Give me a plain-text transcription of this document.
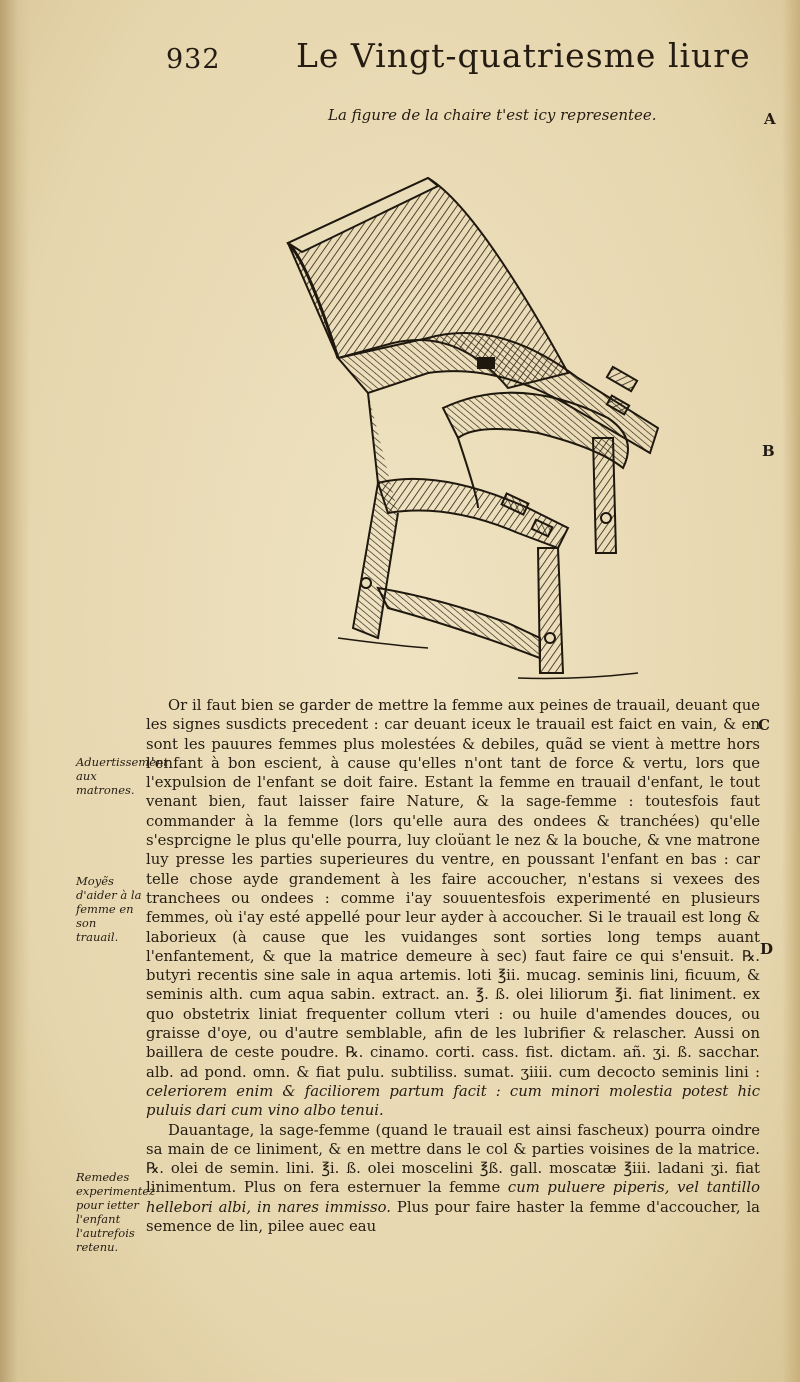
932 Le Vingt-quatriesme liure
La figure de la chaire t'est icy representee.	A
B
C
D
Aduertissement aux matrones.
Moyẽs d'aider à la femme en son trauail.
Remedes experimentez pour ietter l'enfant l'autrefois retenu.

Or il faut bien se garder de mettre la femme aux peines de trauail, deuant que les signes susdicts precedent : car deuant iceux le trauail est faict en vain, & en sont les pauures femmes plus molestées & debiles, quãd se vient à mettre hors l'enfant à bon escient, à cause qu'elles n'ont tant de force & vertu, lors que l'expulsion de l'enfant se doit faire. Estant la femme en trauail d'enfant, le tout venant bien, faut laisser faire Nature, & la sage-femme : toutesfois faut commander à la femme (lors qu'elle aura des ondees & tranchées) qu'elle s'esprcigne le plus qu'elle pourra, luy cloüant le nez & la bouche, & vne matrone luy presse les parties superieures du ventre, en poussant l'enfant en bas : car telle chose ayde grandement à les faire accoucher, n'estans si vexees des tranchees ou ondees : comme i'ay souuentesfois experimenté en plusieurs femmes, où i'ay esté appellé pour leur ayder à accoucher. Si le trauail est long & laborieux (à cause que les vuidanges sont sorties long temps auant l'enfantement, & que la matrice demeure à sec) faut faire ce qui s'ensuit. ℞. butyri recentis sine sale in aqua artemis. loti ℥ii. mucag. seminis lini, ficuum, & seminis alth. cum aqua sabin. extract. an. ℥. ß. olei liliorum ℥i. fiat liniment. ex quo obstetrix liniat frequenter collum vteri : ou huile d'amendes douces, ou graisse d'oye, ou d'autre semblable, afin de les lubrifier & relascher. Aussi on baillera de ceste poudre. ℞. cinamo. corti. cass. fist. dictam. añ. ʒi. ß. sacchar. alb. ad pond. omn. & fiat pulu. subtiliss. sumat. ʒiiii. cum decocto seminis lini : celeriorem enim & faciliorem partum facit : cum minori molestia potest hic puluis dari cum vino albo tenui.

Dauantage, la sage-femme (quand le trauail est ainsi fascheux) pourra oindre sa main de ce liniment, & en mettre dans le col & parties voisines de la matrice. ℞. olei de semin. lini. ℥i. ß. olei moscelini ℥ß. gall. moscatæ ℥iii. ladani ʒi. fiat linimentum. Plus on fera esternuer la femme cum puluere piperis, vel tantillo hellebori albi, in nares immisso. Plus pour faire haster la femme d'accoucher, la semence de lin, pilee auec eau
